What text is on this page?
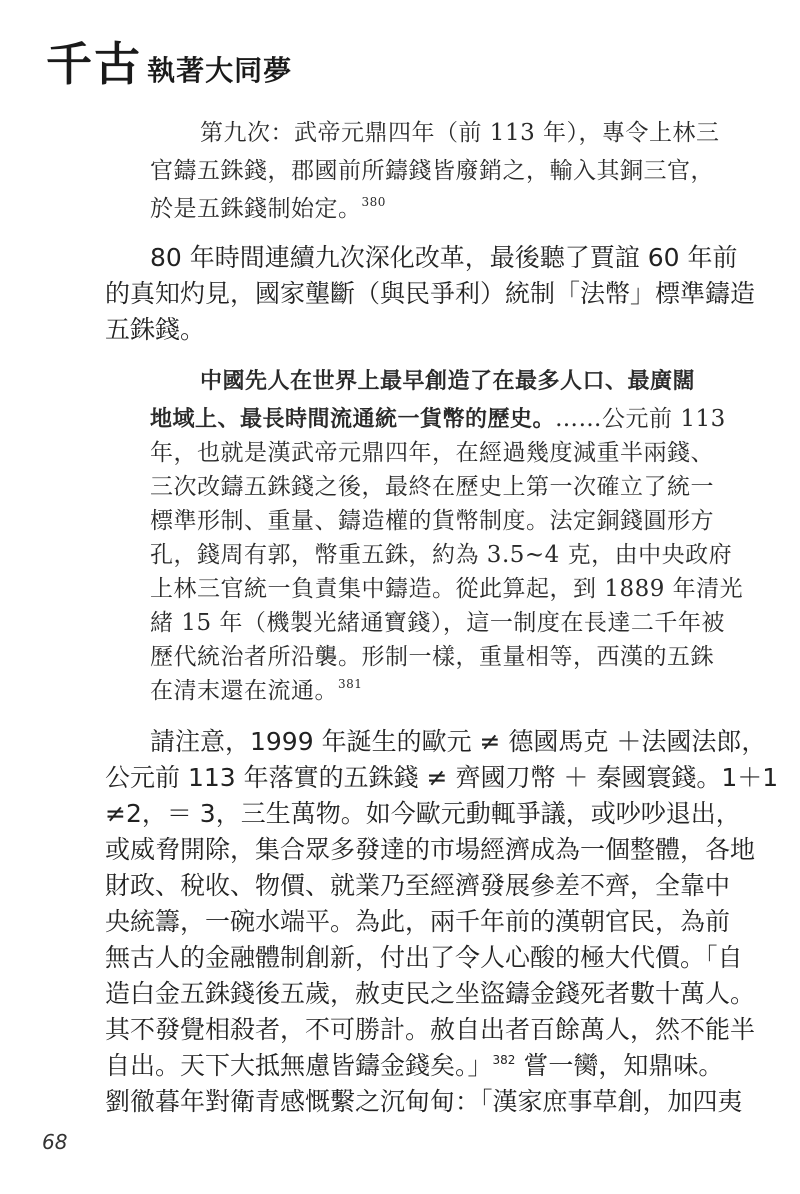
千古 執著大同夢
第九次：武帝元鼎四年（前 113 年），專令上林三
官鑄五銖錢，郡國前所鑄錢皆廢銷之，輸入其銅三官，
於是五銖錢制始定。$^{380}$
80 年時間連續九次深化改革，最後聽了賈誼 60 年前
的真知灼見，國家壟斷（與民爭利）統制「法幣」標準鑄造
五銖錢。
中國先人在世界上最早創造了在最多人口、最廣闊
地域上、最長時間流通統一貨幣的歷史。……公元前 113
年，也就是漢武帝元鼎四年，在經過幾度減重半兩錢、
三次改鑄五銖錢之後，最終在歷史上第一次確立了統一
標準形制、重量、鑄造權的貨幣制度。法定銅錢圓形方
孔，錢周有郭，幣重五銖，約為 3.5~4 克，由中央政府
上林三官統一負責集中鑄造。從此算起，到 1889 年清光
緒 15 年（機製光緒通寶錢），這一制度在長達二千年被
歷代統治者所沿襲。形制一樣，重量相等，西漢的五銖
在清末還在流通。$^{381}$
請注意，1999 年誕生的歐元 ≠ 德國馬克 ＋法國法郎，
公元前 113 年落實的五銖錢 ≠ 齊國刀幣 ＋ 秦國寰錢。1＋1
≠2，＝ 3，三生萬物。如今歐元動輒爭議，或吵吵退出，
或威脅開除，集合眾多發達的市場經濟成為一個整體，各地
財政、稅收、物價、就業乃至經濟發展參差不齊，全靠中
央統籌，一碗水端平。為此，兩千年前的漢朝官民，為前
無古人的金融體制創新，付出了令人心酸的極大代價。「自
造白金五銖錢後五歲，赦吏民之坐盜鑄金錢死者數十萬人。
其不發覺相殺者，不可勝計。赦自出者百餘萬人，然不能半
自出。天下大抵無慮皆鑄金錢矣。」$^{382}$ 嘗一臠，知鼎味。
劉徹暮年對衛青感慨繫之沉甸甸：「漢家庶事草創，加四夷
68
